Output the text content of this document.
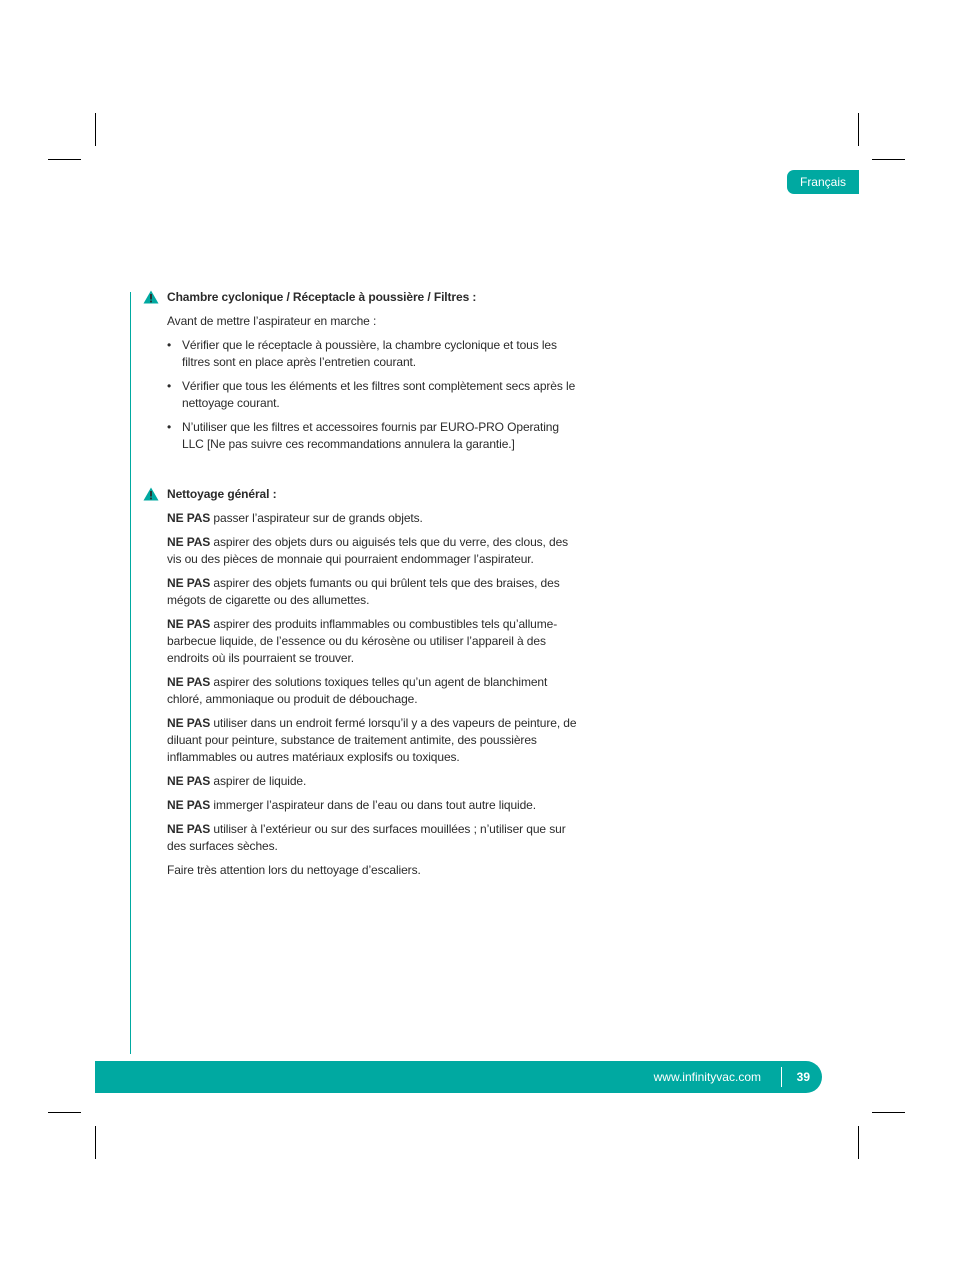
Français

Chambre cyclonique / Réceptacle à poussière / Filtres :

Avant de mettre l’aspirateur en marche :

• Vérifier que le réceptacle à poussière, la chambre cyclonique et tous les filtres sont en place après l’entretien courant.
• Vérifier que tous les éléments et les filtres sont complètement secs après le nettoyage courant.
• N’utiliser que les filtres et accessoires fournis par EURO-PRO Operating LLC [Ne pas suivre ces recommandations annulera la garantie.]

Nettoyage général :

NE PAS passer l’aspirateur sur de grands objets.

NE PAS aspirer des objets durs ou aiguisés tels que du verre, des clous, des vis ou des pièces de monnaie qui pourraient endommager l’aspirateur.

NE PAS aspirer des objets fumants ou qui brûlent tels que des braises, des mégots de cigarette ou des allumettes.

NE PAS aspirer des produits inflammables ou combustibles tels qu’allume-barbecue liquide, de l’essence ou du kérosène ou utiliser l’appareil à des endroits où ils pourraient se trouver.

NE PAS aspirer des solutions toxiques telles qu’un agent de blanchiment chloré, ammoniaque ou produit de débouchage.

NE PAS utiliser dans un endroit fermé lorsqu’il y a des vapeurs de peinture, de diluant pour peinture, substance de traitement antimite, des poussières inflammables ou autres matériaux explosifs ou toxiques.

NE PAS aspirer de liquide.

NE PAS immerger l’aspirateur dans de l’eau ou dans tout autre liquide.

NE PAS utiliser à l’extérieur ou sur des surfaces mouillées ; n’utiliser que sur des surfaces sèches.

Faire très attention lors du nettoyage d’escaliers.

www.infinityvac.com	39
